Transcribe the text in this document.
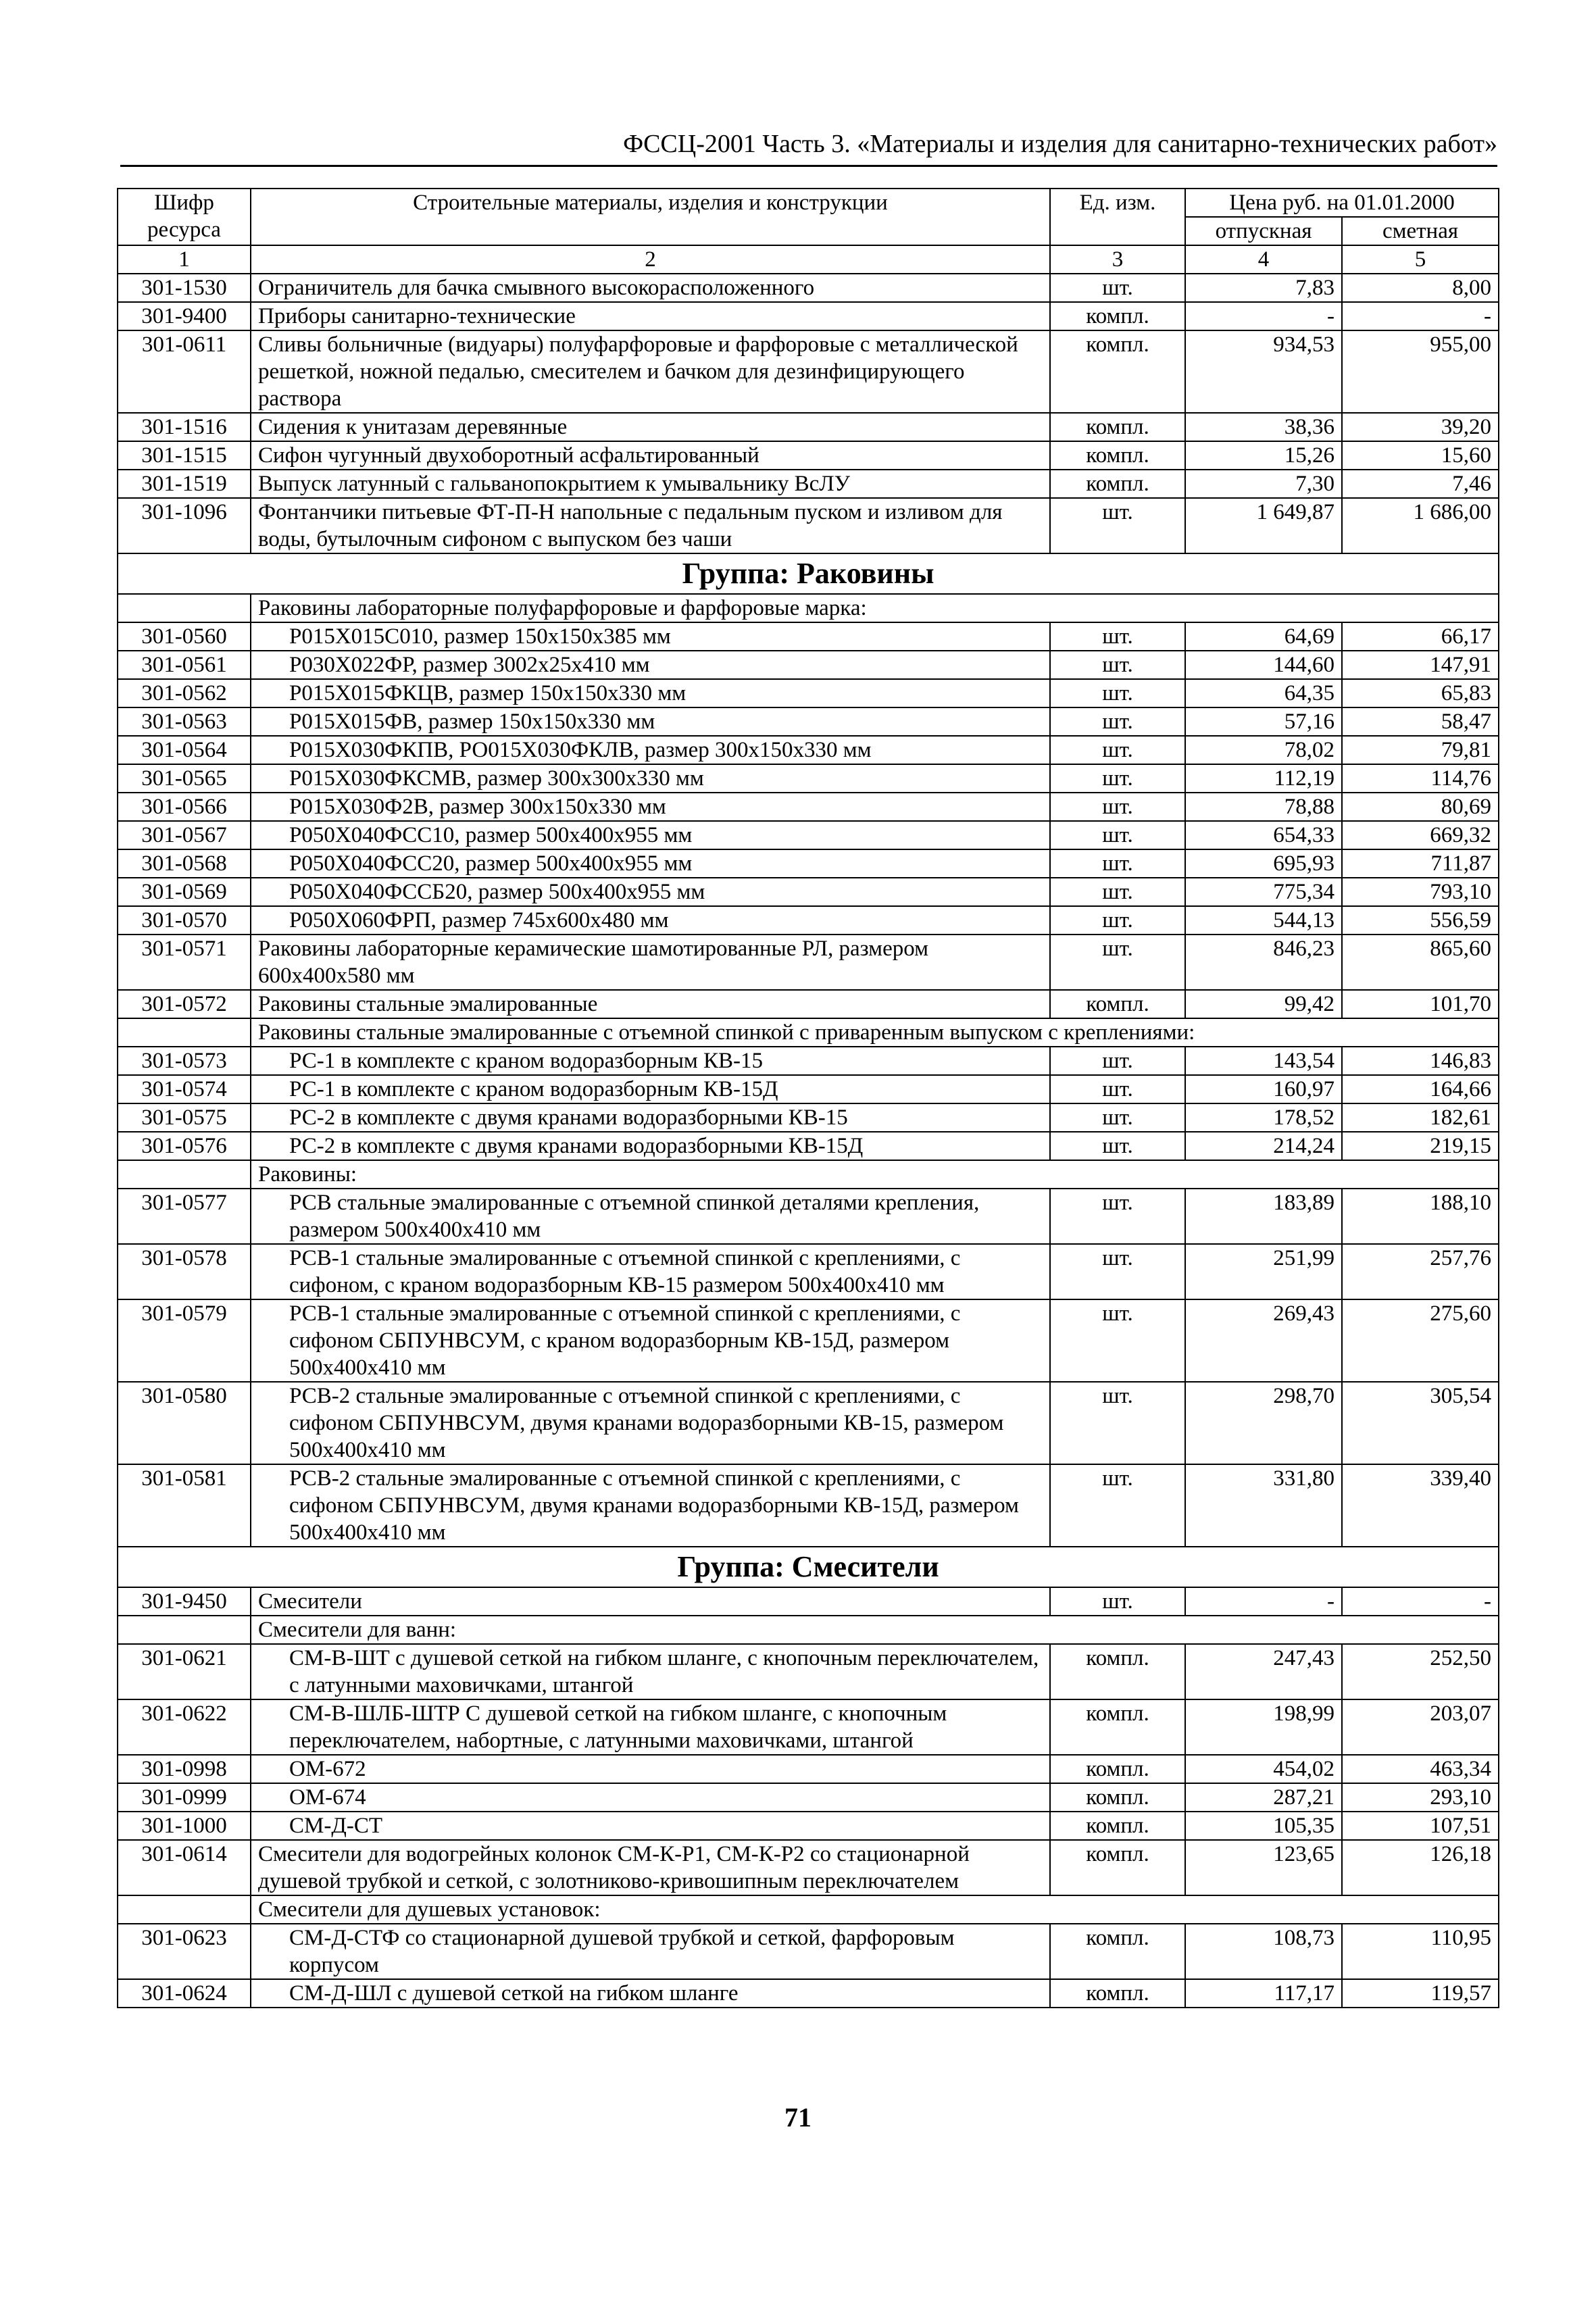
ФССЦ-2001 Часть 3. «Материалы и изделия для санитарно-технических работ»
Шифр ресурса	Строительные материалы, изделия и конструкции	Ед. изм.	Цена руб. на 01.01.2000	
			отпускная	сметная
1	2	3	4	5
301-1530	Ограничитель для бачка смывного высокорасположенного	шт.	7,83	8,00
301-9400	Приборы санитарно-технические	компл.	-	-
301-0611	Сливы больничные (видуары) полуфарфоровые и фарфоровые с металлической решеткой, ножной педалью, смесителем и бачком для дезинфицирующего раствора	компл.	934,53	955,00
301-1516	Сидения к унитазам деревянные	компл.	38,36	39,20
301-1515	Сифон чугунный двухоборотный асфальтированный	компл.	15,26	15,60
301-1519	Выпуск латунный с гальванопокрытием к умывальнику ВсЛУ	компл.	7,30	7,46
301-1096	Фонтанчики питьевые ФТ-П-Н напольные с педальным пуском и изливом для воды, бутылочным сифоном с выпуском без чаши	шт.	1 649,87	1 686,00
Группа: Раковины				
	Раковины лабораторные полуфарфоровые и фарфоровые марка:			
301-0560	Р015Х015С010, размер 150x150x385 мм	шт.	64,69	66,17
301-0561	Р030Х022ФР, размер 3002x25x410 мм	шт.	144,60	147,91
301-0562	Р015Х015ФКЦВ, размер 150x150x330 мм	шт.	64,35	65,83
301-0563	Р015Х015ФВ, размер 150x150x330 мм	шт.	57,16	58,47
301-0564	Р015Х030ФКПВ, РО015Х030ФКЛВ, размер 300x150x330 мм	шт.	78,02	79,81
301-0565	Р015Х030ФКСМВ, размер 300x300x330 мм	шт.	112,19	114,76
301-0566	Р015Х030Ф2В, размер 300x150x330 мм	шт.	78,88	80,69
301-0567	Р050Х040ФСС10, размер 500x400x955 мм	шт.	654,33	669,32
301-0568	Р050Х040ФСС20, размер 500x400x955 мм	шт.	695,93	711,87
301-0569	Р050Х040ФССБ20, размер 500x400x955 мм	шт.	775,34	793,10
301-0570	Р050Х060ФРП, размер 745x600x480 мм	шт.	544,13	556,59
301-0571	Раковины лабораторные керамические шамотированные РЛ, размером 600x400x580 мм	шт.	846,23	865,60
301-0572	Раковины стальные эмалированные	компл.	99,42	101,70
	Раковины стальные эмалированные с отъемной спинкой с приваренным выпуском с креплениями:			
301-0573	РС-1 в комплекте с краном водоразборным КВ-15	шт.	143,54	146,83
301-0574	РС-1 в комплекте с краном водоразборным КВ-15Д	шт.	160,97	164,66
301-0575	РС-2 в комплекте с двумя кранами водоразборными КВ-15	шт.	178,52	182,61
301-0576	РС-2 в комплекте с двумя кранами водоразборными КВ-15Д	шт.	214,24	219,15
	Раковины:			
301-0577	РСВ стальные эмалированные с отъемной спинкой деталями крепления, размером 500x400x410 мм	шт.	183,89	188,10
301-0578	РСВ-1 стальные эмалированные с отъемной спинкой с креплениями, с сифоном, с краном водоразборным КВ-15 размером 500x400x410 мм	шт.	251,99	257,76
301-0579	РСВ-1 стальные эмалированные с отъемной спинкой с креплениями, с сифоном СБПУНВСУМ, с краном водоразборным КВ-15Д, размером 500x400x410 мм	шт.	269,43	275,60
301-0580	РСВ-2 стальные эмалированные с отъемной спинкой с креплениями, с сифоном СБПУНВСУМ, двумя кранами водоразборными КВ-15, размером 500x400x410 мм	шт.	298,70	305,54
301-0581	РСВ-2 стальные эмалированные с отъемной спинкой с креплениями, с сифоном СБПУНВСУМ, двумя кранами водоразборными КВ-15Д, размером 500x400x410 мм	шт.	331,80	339,40
Группа: Смесители				
301-9450	Смесители	шт.	-	-
	Смесители для ванн:			
301-0621	СМ-В-ШТ с душевой сеткой на гибком шланге, с кнопочным переключателем, с латунными маховичками, штангой	компл.	247,43	252,50
301-0622	СМ-В-ШЛБ-ШТР С душевой сеткой на гибком шланге, с кнопочным переключателем, набортные, с латунными маховичками, штангой	компл.	198,99	203,07
301-0998	ОМ-672	компл.	454,02	463,34
301-0999	ОМ-674	компл.	287,21	293,10
301-1000	СМ-Д-СТ	компл.	105,35	107,51
301-0614	Смесители для водогрейных колонок СМ-К-Р1, СМ-К-Р2 со стационарной душевой трубкой и сеткой, с золотниково-кривошипным переключателем	компл.	123,65	126,18
	Смесители для душевых установок:			
301-0623	СМ-Д-СТФ со стационарной душевой трубкой и сеткой, фарфоровым корпусом	компл.	108,73	110,95
301-0624	СМ-Д-ШЛ с душевой сеткой на гибком шланге	компл.	117,17	119,57
71
